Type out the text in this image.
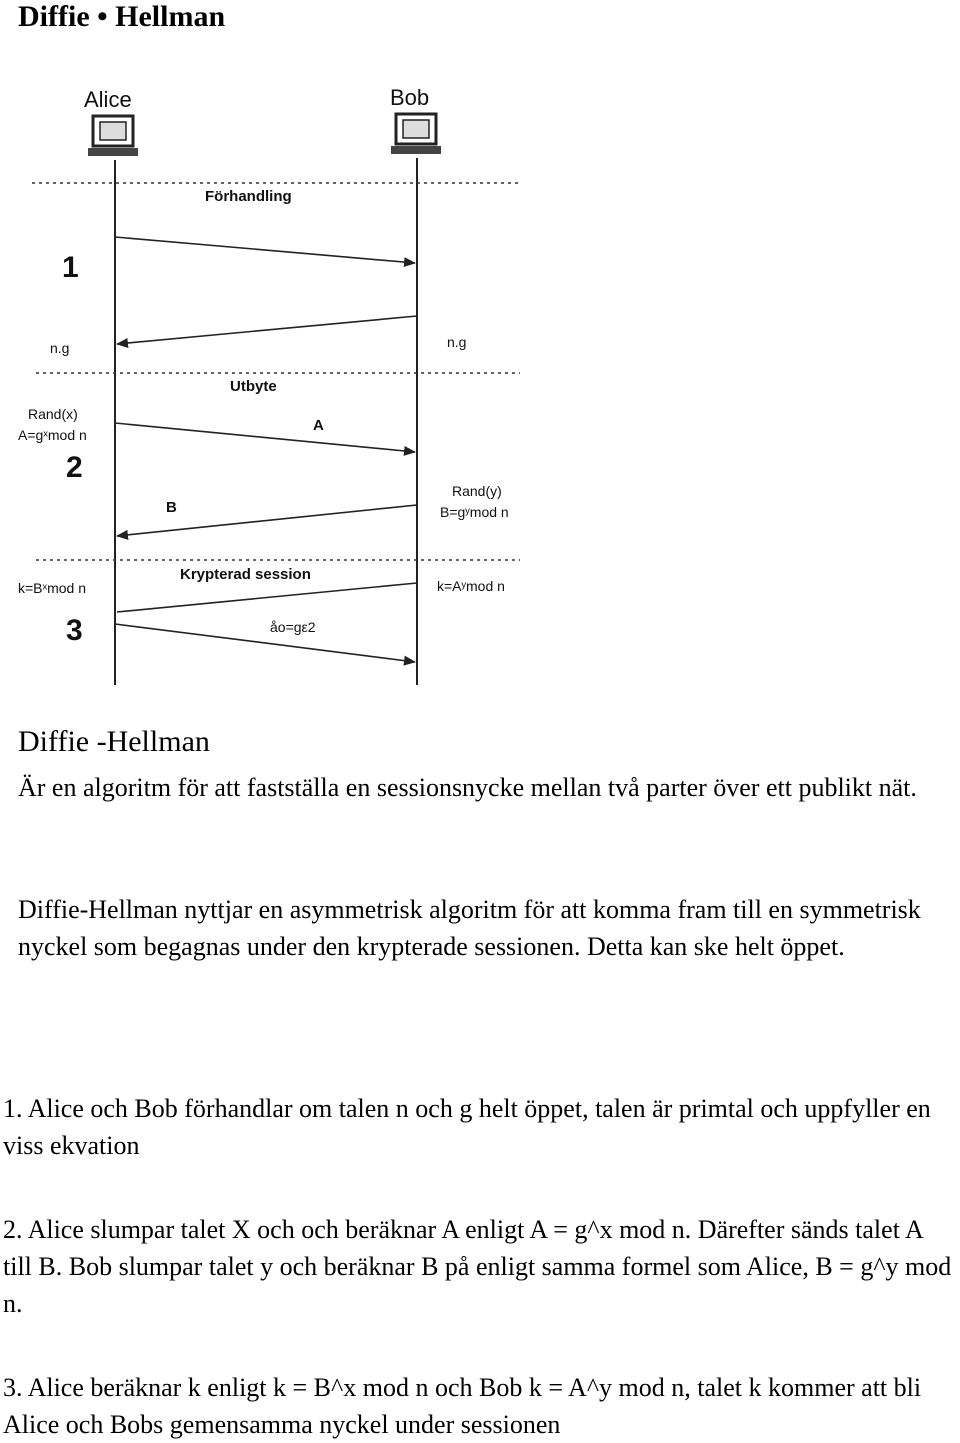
Diffie • Hellman
Alice	Bob
Förhandling
Utbyte
Krypterad session
1
2
3
n.g	n.g
Rand(x)
A=gˣmod n
A
B
Rand(y)
B=gʸmod n
k=Bˣmod n	k=Aʸmod n
åo=gε2
Diffie -Hellman

Är en algoritm för att fastställa en sessionsnycke mellan två parter över ett publikt nät.

Diffie-Hellman nyttjar en asymmetrisk algoritm för att komma fram till en symmetrisk nyckel som begagnas under den krypterade sessionen. Detta kan ske helt öppet.

1. Alice och Bob förhandlar om talen n och g helt öppet, talen är primtal och uppfyller en viss ekvation

2. Alice slumpar talet X och och beräknar A enligt A = g^x mod n. Därefter sänds talet A till B. Bob slumpar talet y och beräknar B på enligt samma formel som Alice, B = g^y mod n.

3. Alice beräknar k enligt k = B^x mod n och Bob k = A^y mod n, talet k kommer att bli Alice och Bobs gemensamma nyckel under sessionen
